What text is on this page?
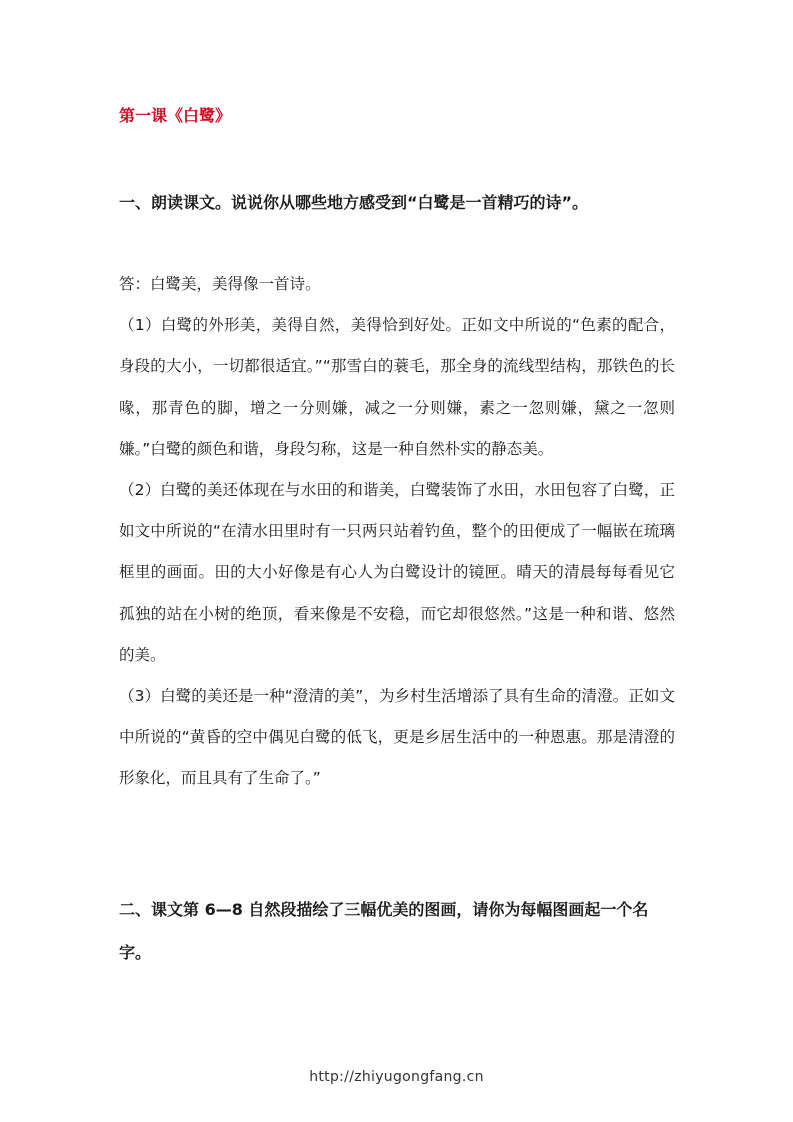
第一课《白鹭》
一、朗读课文。说说你从哪些地方感受到“白鹭是一首精巧的诗”。

答：白鹭美，美得像一首诗。

（1）白鹭的外形美，美得自然，美得恰到好处。正如文中所说的“色素的配合，身段的大小，一切都很适宜。”“那雪白的蓑毛，那全身的流线型结构，那铁色的长喙，那青色的脚，增之一分则嫌，减之一分则嫌，素之一忽则嫌，黛之一忽则嫌。”白鹭的颜色和谐，身段匀称，这是一种自然朴实的静态美。

（2）白鹭的美还体现在与水田的和谐美，白鹭装饰了水田，水田包容了白鹭，正如文中所说的“在清水田里时有一只两只站着钓鱼，整个的田便成了一幅嵌在琉璃框里的画面。田的大小好像是有心人为白鹭设计的镜匣。晴天的清晨每每看见它孤独的站在小树的绝顶，看来像是不安稳，而它却很悠然。”这是一种和谐、悠然的美。

（3）白鹭的美还是一种“澄清的美”，为乡村生活增添了具有生命的清澄。正如文中所说的“黄昏的空中偶见白鹭的低飞，更是乡居生活中的一种恩惠。那是清澄的形象化，而且具有了生命了。”

二、课文第 6—8 自然段描绘了三幅优美的图画，请你为每幅图画起一个名字。
http://zhiyugongfang.cn
